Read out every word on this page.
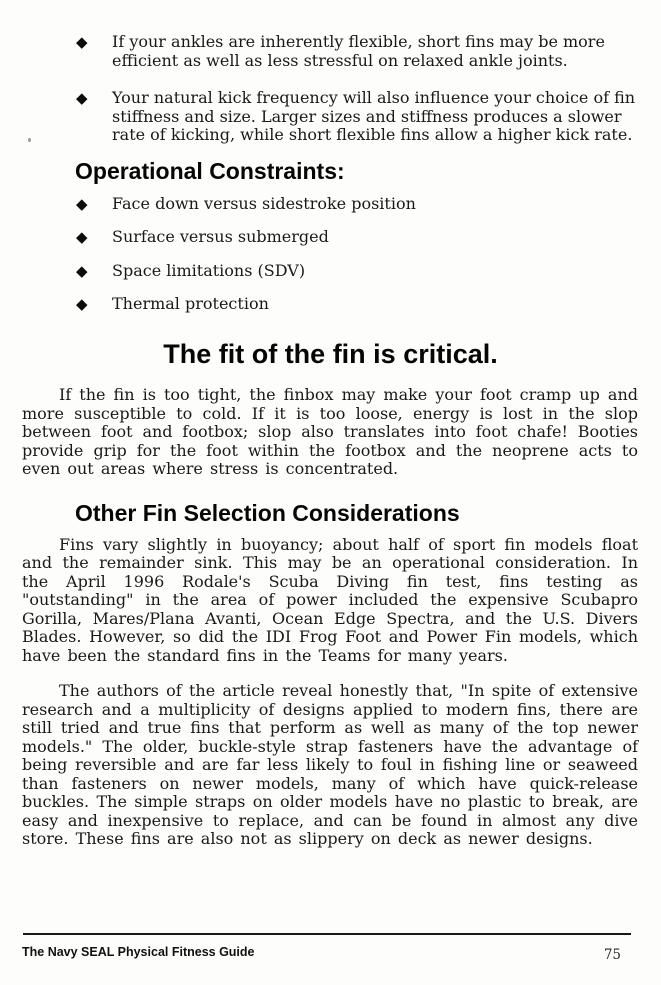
◆	If your ankles are inherently flexible, short fins may be more efficient as well as less stressful on relaxed ankle joints.
◆	Your natural kick frequency will also influence your choice of fin stiffness and size. Larger sizes and stiffness produces a slower rate of kicking, while short flexible fins allow a higher kick rate.
Operational Constraints:
◆	Face down versus sidestroke position
◆	Surface versus submerged
◆	Space limitations (SDV)
◆	Thermal protection
The fit of the fin is critical.

If the fin is too tight, the finbox may make your foot cramp up and more susceptible to cold. If it is too loose, energy is lost in the slop between foot and footbox; slop also translates into foot chafe! Booties provide grip for the foot within the footbox and the neoprene acts to even out areas where stress is concentrated.

Other Fin Selection Considerations

Fins vary slightly in buoyancy; about half of sport fin models float and the remainder sink. This may be an operational consideration. In the April 1996 Rodale's Scuba Diving fin test, fins testing as "outstanding" in the area of power included the expensive Scubapro Gorilla, Mares/Plana Avanti, Ocean Edge Spectra, and the U.S. Divers Blades. However, so did the IDI Frog Foot and Power Fin models, which have been the standard fins in the Teams for many years.

The authors of the article reveal honestly that, "In spite of extensive research and a multiplicity of designs applied to modern fins, there are still tried and true fins that perform as well as many of the top newer models." The older, buckle-style strap fasteners have the advantage of being reversible and are far less likely to foul in fishing line or seaweed than fasteners on newer models, many of which have quick-release buckles. The simple straps on older models have no plastic to break, are easy and inexpensive to replace, and can be found in almost any dive store. These fins are also not as slippery on deck as newer designs.

The Navy SEAL Physical Fitness Guide	75
